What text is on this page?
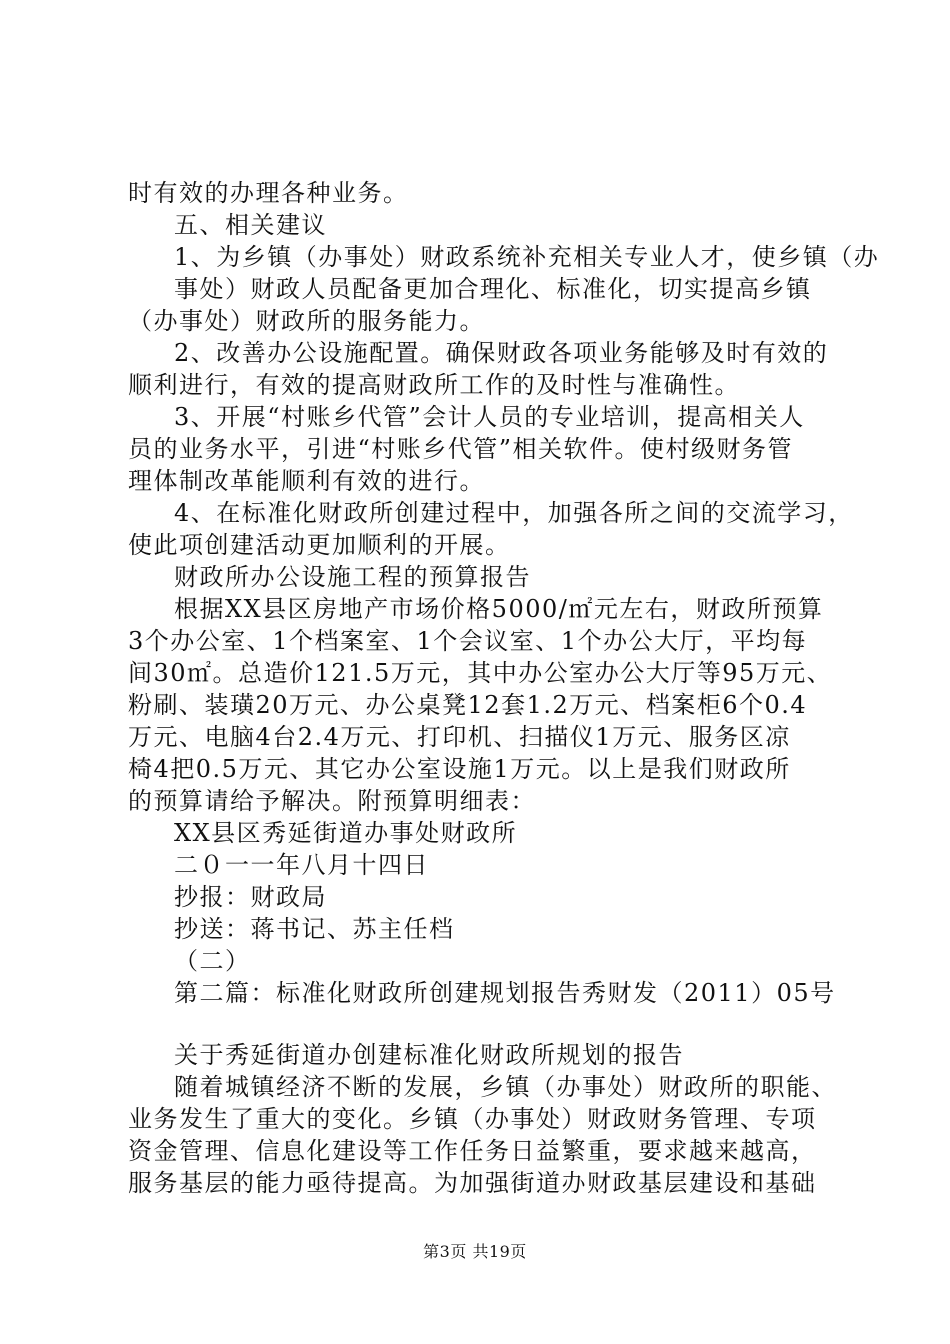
时有效的办理各种业务。
五、相关建议
1、为乡镇（办事处）财政系统补充相关专业人才，使乡镇（办
事处）财政人员配备更加合理化、标准化，切实提高乡镇
（办事处）财政所的服务能力。
2、改善办公设施配置。确保财政各项业务能够及时有效的
顺利进行，有效的提高财政所工作的及时性与准确性。
3、开展“村账乡代管”会计人员的专业培训，提高相关人
员的业务水平，引进“村账乡代管”相关软件。使村级财务管
理体制改革能顺利有效的进行。
4、在标准化财政所创建过程中，加强各所之间的交流学习，
使此项创建活动更加顺利的开展。
财政所办公设施工程的预算报告
根据XX县区房地产市场价格5000/㎡元左右，财政所预算
3个办公室、1个档案室、1个会议室、1个办公大厅，平均每
间30㎡。总造价121.5万元，其中办公室办公大厅等95万元、
粉刷、装璜20万元、办公桌凳12套1.2万元、档案柜6个0.4
万元、电脑4台2.4万元、打印机、扫描仪1万元、服务区凉
椅4把0.5万元、其它办公室设施1万元。以上是我们财政所
的预算请给予解决。附预算明细表：
XX县区秀延街道办事处财政所
二０一一年八月十四日
抄报：财政局
抄送：蒋书记、苏主任档
（二）
第二篇：标准化财政所创建规划报告秀财发（2011）05号
关于秀延街道办创建标准化财政所规划的报告
随着城镇经济不断的发展，乡镇（办事处）财政所的职能、
业务发生了重大的变化。乡镇（办事处）财政财务管理、专项
资金管理、信息化建设等工作任务日益繁重，要求越来越高，
服务基层的能力亟待提高。为加强街道办财政基层建设和基础
第3页 共19页
